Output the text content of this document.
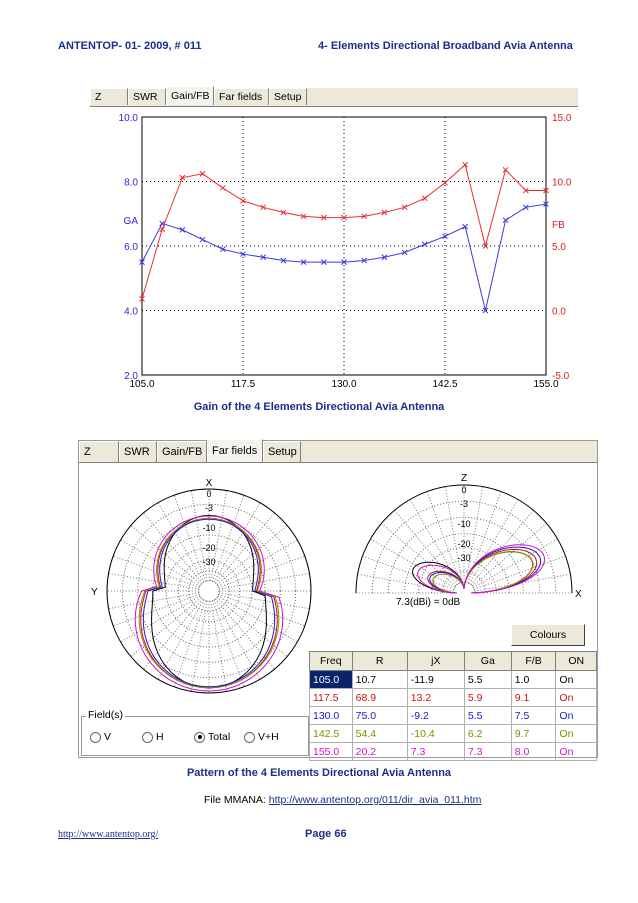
ANTENTOP- 01- 2009, # 011	4- Elements Directional Broadband Avia Antenna
Z	SWR	Gain/FB Far fields	Setup
105.0	117.5	130.0	142.5	155.0
10.0
8.0
6.0
4.0
2.0
15.0
10.0
5.0
0.0
-5.0
GA	FB
Gain of the 4 Elements Directional Avia Antenna
Z	SWR	Gain/FB Far fields Setup
0
-3
-10
-20
-30
X
Y
0
-3
-10
-20
-30
Z
X
7.3(dBi) = 0dB
Colours
Field(s)
V	H	Total	V+H
Freq	R	jX	Ga	F/B	ON
105.0	10.7	-11.9	5.5	1.0	On
117.5	68.9	13.2	5.9	9.1	On
130.0	75.0	-9.2	5.5	7.5	On
142.5	54.4	-10.4	6.2	9.7	On
155.0	20.2	7.3	7.3	8.0	On
Pattern of the 4 Elements Directional Avia Antenna
File MMANA: http://www.antentop.org/011/dir_avia_011.htm
http://www.antentop.org/	Page 66
